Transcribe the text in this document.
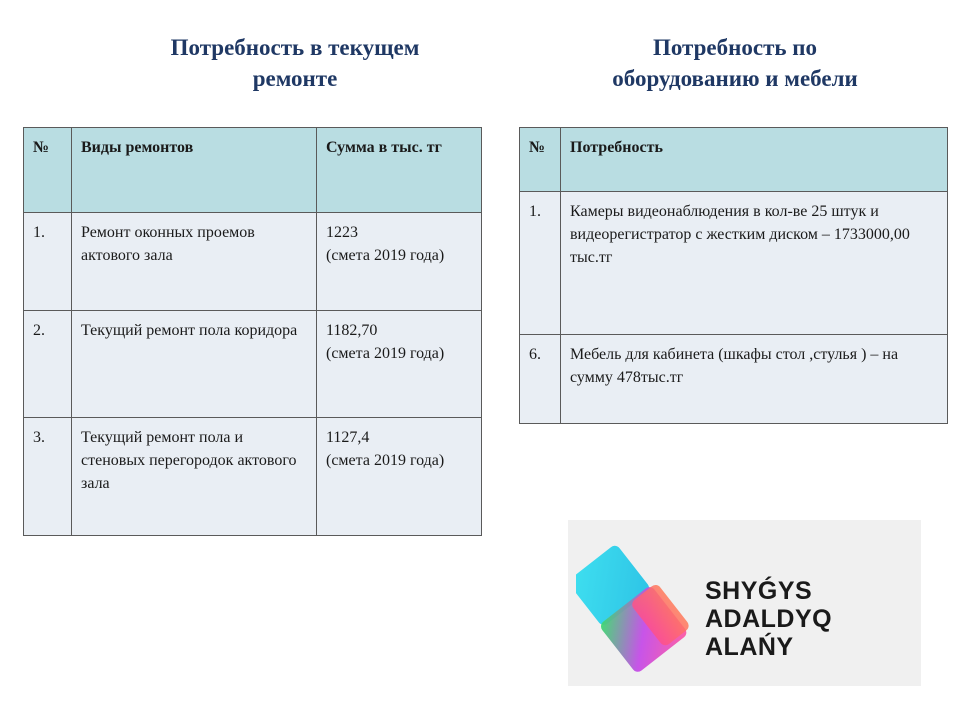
Потребность в текущем
ремонте
Потребность по
оборудованию и мебели
№	Виды ремонтов	Сумма в тыс. тг
1.	Ремонт оконных проемов актового зала	1223
(смета 2019 года)

2.	Текущий ремонт пола коридора	1182,70
(смета 2019 года)

3.	Текущий ремонт пола и стеновых перегородок актового зала	1127,4
(смета 2019 года)
№	Потребность
1.	Камеры видеонаблюдения в кол-ве 25 штук и видеорегистратор с жестким диском – 1733000,00 тыс.тг
6.	Мебель для кабинета (шкафы стол ,стулья ) – на сумму 478тыс.тг
SHYǴYS
ADALDYQ ALAŃY
